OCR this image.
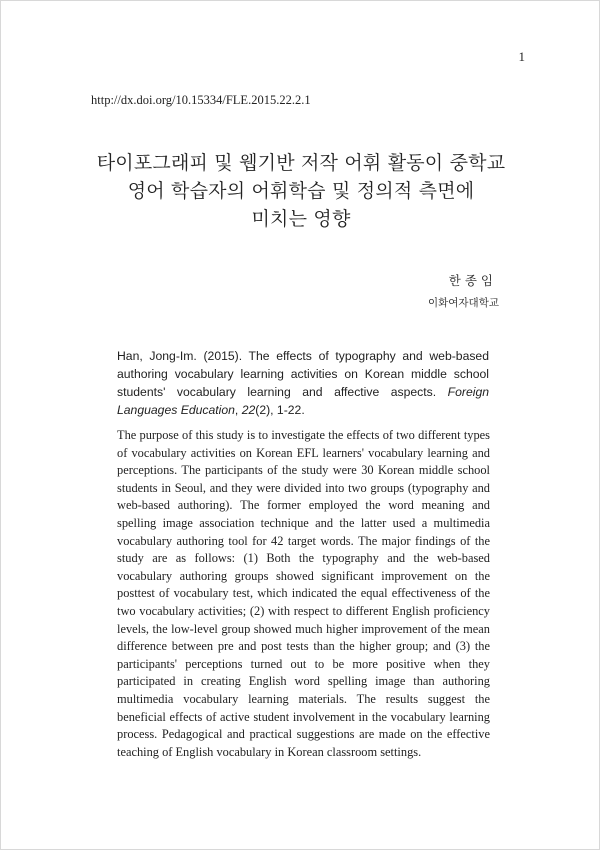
1
http://dx.doi.org/10.15334/FLE.2015.22.2.1
타이포그래피 및 웹기반 저작 어휘 활동이 중학교
영어 학습자의 어휘학습 및 정의적 측면에
미치는 영향
한종임
이화여자대학교
Han, Jong-Im. (2015). The effects of typography and web-based authoring vocabulary learning activities on Korean middle school students' vocabulary learning and affective aspects. Foreign Languages Education, 22(2), 1-22.
The purpose of this study is to investigate the effects of two different types of vocabulary activities on Korean EFL learners' vocabulary learning and perceptions. The participants of the study were 30 Korean middle school students in Seoul, and they were divided into two groups (typography and web-based authoring). The former employed the word meaning and spelling image association technique and the latter used a multimedia vocabulary authoring tool for 42 target words. The major findings of the study are as follows: (1) Both the typography and the web-based vocabulary authoring groups showed significant improvement on the posttest of vocabulary test, which indicated the equal effectiveness of the two vocabulary activities; (2) with respect to different English proficiency levels, the low-level group showed much higher improvement of the mean difference between pre and post tests than the higher group; and (3) the participants' perceptions turned out to be more positive when they participated in creating English word spelling image than authoring multimedia vocabulary learning materials. The results suggest the beneficial effects of active student involvement in the vocabulary learning process. Pedagogical and practical suggestions are made on the effective teaching of English vocabulary in Korean classroom settings.
